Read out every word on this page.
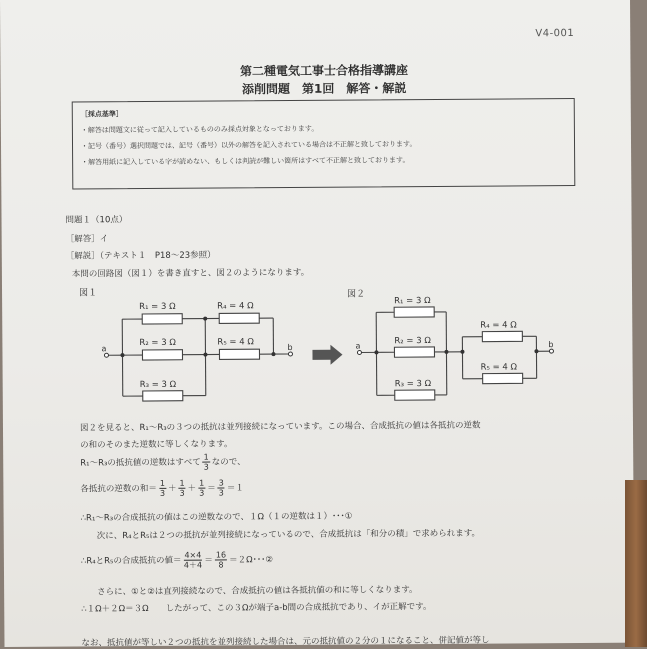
V4-001
第二種電気工事士合格指導講座
添削問題　第1回　解答・解説
［採点基準］
・解答は問題文に従って記入しているもののみ採点対象となっております。
・記号（番号）選択問題では、記号（番号）以外の解答を記入されている場合は不正解と致しております。
・解答用紙に記入している字が読めない、もしくは判読が難しい箇所はすべて不正解と致しております。
問題１（10点）
［解答］イ
［解説］（テキスト１　P18～23参照）
本問の回路図（図１）を書き直すと、図２のようになります。
図１	図２
a	b
R₁ = 3 Ω
R₂ = 3 Ω
R₃ = 3 Ω
R₄ = 4 Ω
R₅ = 4 Ω	a	b
R₁ = 3 Ω
R₂ = 3 Ω
R₃ = 3 Ω
R₄ = 4 Ω
R₅ = 4 Ω
図２を見ると、R₁～R₃の３つの抵抗は並列接続になっています。この場合、合成抵抗の値は各抵抗の逆数
の和のそのまた逆数に等しくなります。
R₁～R₃の抵抗値の逆数はすべて $\frac{1}{3}$ なので、
各抵抗の逆数の和＝ $\frac{1}{3} + \frac{1}{3} + \frac{1}{3} = \frac{3}{3} =1$
∴R₁～R₃の合成抵抗の値はこの逆数なので、１Ω（１の逆数は１）･･･①
次に、R₄とR₅は２つの抵抗が並列接続になっているので、合成抵抗は「和分の積」で求められます。
∴R₄とR₅の合成抵抗の値＝ $\frac{4\times 4}{4+4} = \frac{16}{8} =2\Omega$･･･②
さらに、①と②は直列接続なので、合成抵抗の値は各抵抗値の和に等しくなります。
∴１Ω＋２Ω＝３Ω　　したがって、この３Ωが端子a-b間の合成抵抗であり、イが正解です。
なお、抵抗値が等しい２つの抵抗を並列接続した場合は、元の抵抗値の２分の１になること、併記値が等し
